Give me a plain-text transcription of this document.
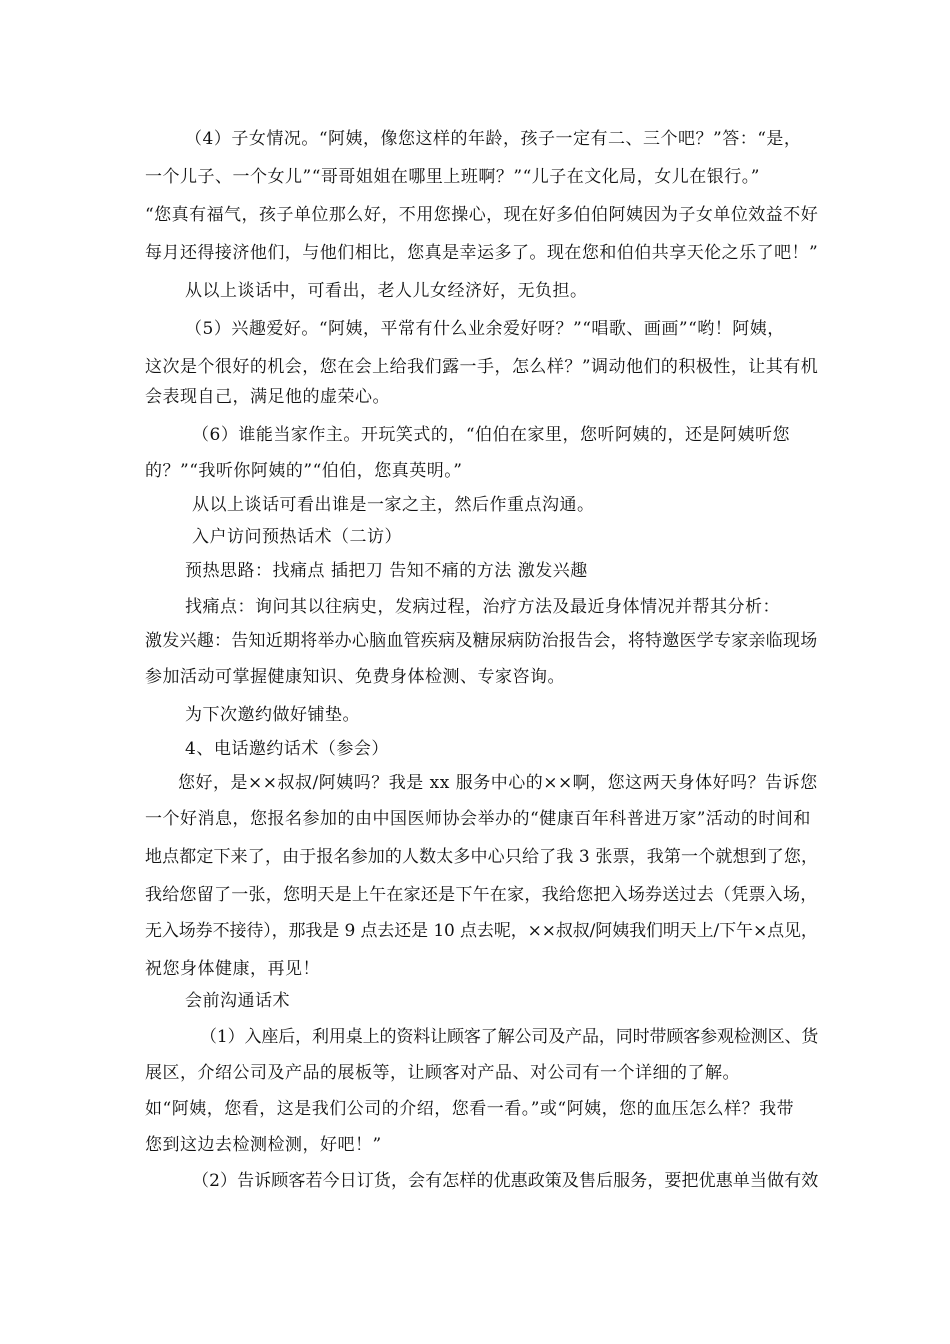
（4）子女情况。“阿姨，像您这样的年龄，孩子一定有二、三个吧？”答：“是，
一个儿子、一个女儿”“哥哥姐姐在哪里上班啊？”“儿子在文化局，女儿在银行。”
“您真有福气，孩子单位那么好，不用您操心，现在好多伯伯阿姨因为子女单位效益不好
每月还得接济他们，与他们相比，您真是幸运多了。现在您和伯伯共享天伦之乐了吧！”
从以上谈话中，可看出，老人儿女经济好，无负担。
（5）兴趣爱好。“阿姨，平常有什么业余爱好呀？”“唱歌、画画”“哟！阿姨，
这次是个很好的机会，您在会上给我们露一手，怎么样？”调动他们的积极性，让其有机
会表现自己，满足他的虚荣心。
（6）谁能当家作主。开玩笑式的，“伯伯在家里，您听阿姨的，还是阿姨听您
的？”“我听你阿姨的”“伯伯，您真英明。”
从以上谈话可看出谁是一家之主，然后作重点沟通。
入户访问预热话术（二访）
预热思路：找痛点 插把刀 告知不痛的方法 激发兴趣
找痛点：询问其以往病史，发病过程，治疗方法及最近身体情况并帮其分析：
激发兴趣：告知近期将举办心脑血管疾病及糖尿病防治报告会，将特邀医学专家亲临现场
参加活动可掌握健康知识、免费身体检测、专家咨询。
为下次邀约做好铺垫。
4、电话邀约话术（参会）
您好，是××叔叔/阿姨吗？我是 xx 服务中心的××啊，您这两天身体好吗？告诉您
一个好消息，您报名参加的由中国医师协会举办的“健康百年科普进万家”活动的时间和
地点都定下来了，由于报名参加的人数太多中心只给了我 3 张票，我第一个就想到了您，
我给您留了一张，您明天是上午在家还是下午在家，我给您把入场券送过去（凭票入场，
无入场券不接待），那我是 9 点去还是 10 点去呢，××叔叔/阿姨我们明天上/下午×点见，
祝您身体健康，再见！
会前沟通话术
（1）入座后，利用桌上的资料让顾客了解公司及产品，同时带顾客参观检测区、货
展区，介绍公司及产品的展板等，让顾客对产品、对公司有一个详细的了解。
如“阿姨，您看，这是我们公司的介绍，您看一看。”或“阿姨，您的血压怎么样？我带
您到这边去检测检测，好吧！”
（2）告诉顾客若今日订货，会有怎样的优惠政策及售后服务，要把优惠单当做有效
